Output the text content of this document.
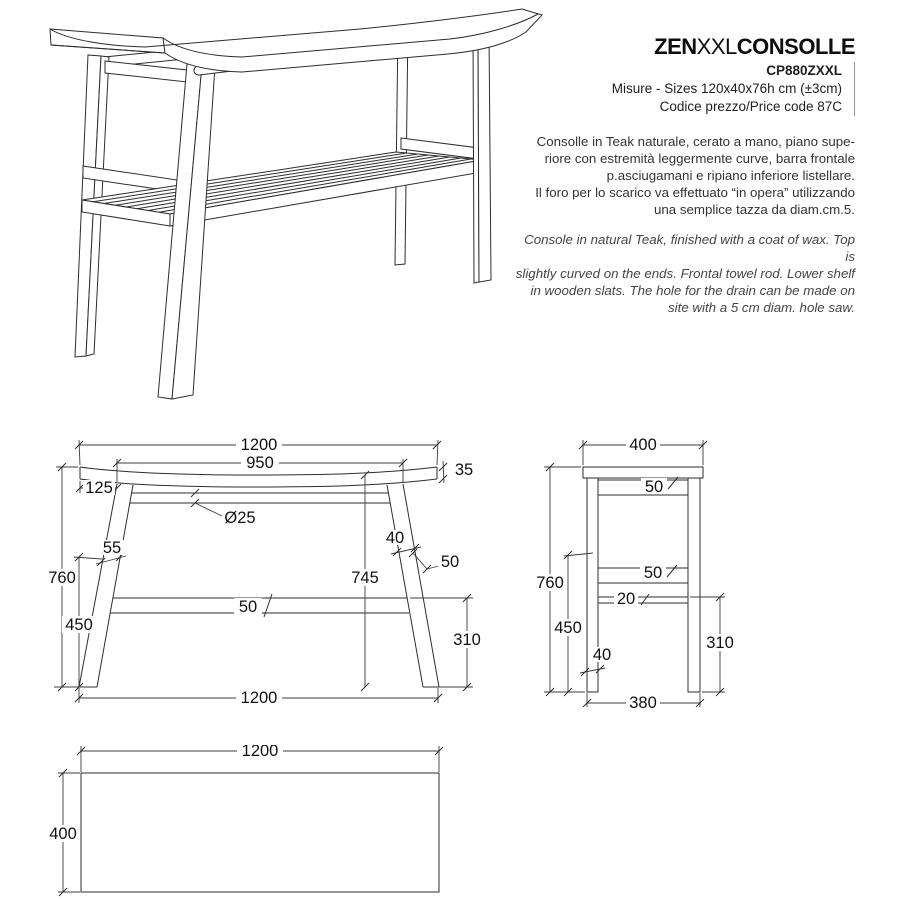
ZENXXLCONSOLLE
CP880ZXXL
Misure - Sizes 120x40x76h cm (±3cm)
Codice prezzo/Price code 87C
Consolle in Teak naturale, cerato a mano, piano supe-
riore con estremità leggermente curve, barra frontale
p.asciugamani e ripiano inferiore listellare.
Il foro per lo scarico va effettuato “in opera” utilizzando
una semplice tazza da diam.cm.5.
Console in natural Teak, finished with a coat of wax. Top is
slightly curved on the ends. Frontal towel rod. Lower shelf
in wooden slats. The hole for the drain can be made on
site with a 5 cm diam. hole saw.
1200
950	35
125
Ø25
55
40
50
760
450
745
50
310
1200
400
50
50
20
760
450
40
310
380
1200
400
